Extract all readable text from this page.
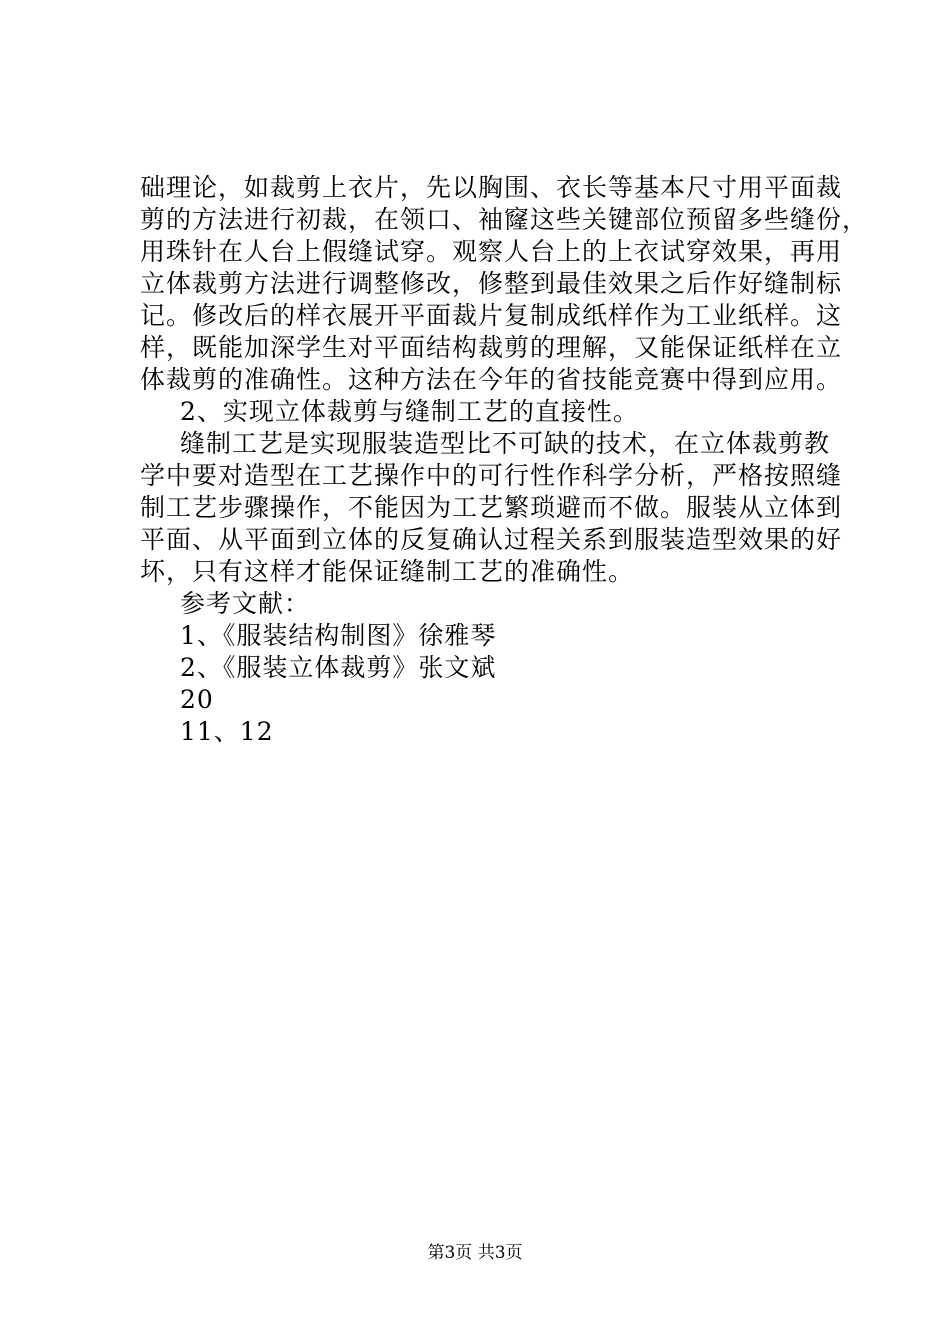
础理论，如裁剪上衣片，先以胸围、衣长等基本尺寸用平面裁
剪的方法进行初裁，在领口、袖窿这些关键部位预留多些缝份，
用珠针在人台上假缝试穿。观察人台上的上衣试穿效果，再用
立体裁剪方法进行调整修改，修整到最佳效果之后作好缝制标
记。修改后的样衣展开平面裁片复制成纸样作为工业纸样。这
样，既能加深学生对平面结构裁剪的理解，又能保证纸样在立
体裁剪的准确性。这种方法在今年的省技能竞赛中得到应用。
2、实现立体裁剪与缝制工艺的直接性。
缝制工艺是实现服装造型比不可缺的技术，在立体裁剪教
学中要对造型在工艺操作中的可行性作科学分析，严格按照缝
制工艺步骤操作，不能因为工艺繁琐避而不做。服装从立体到
平面、从平面到立体的反复确认过程关系到服装造型效果的好
坏，只有这样才能保证缝制工艺的准确性。
参考文献：
1、《服装结构制图》徐雅琴
2、《服装立体裁剪》张文斌
20
11、12
第3页 共3页
